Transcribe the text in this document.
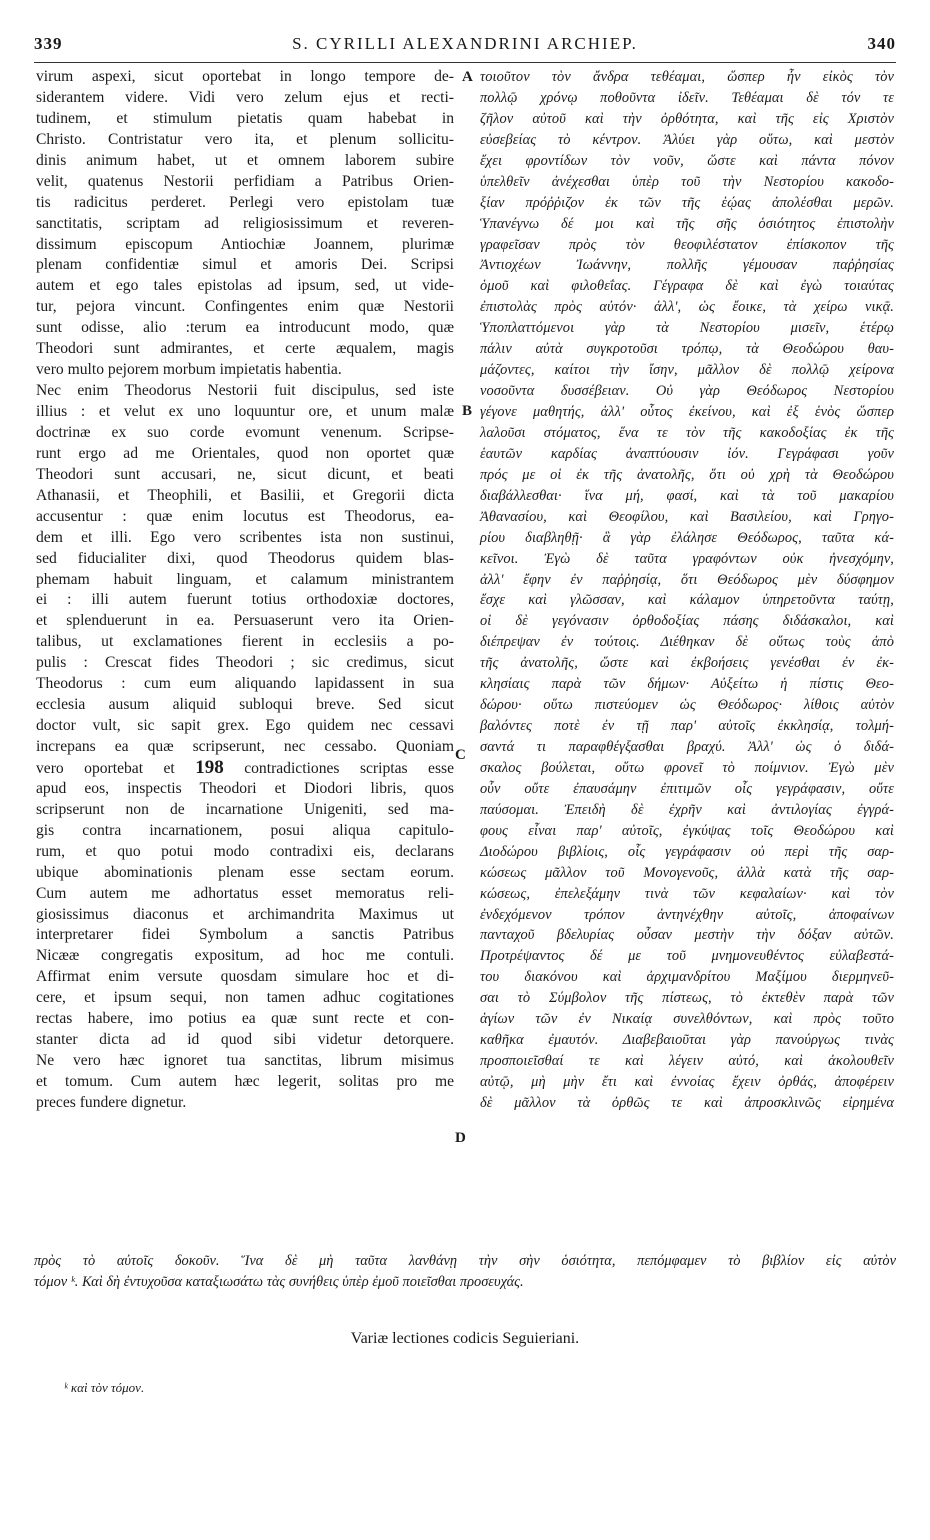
339	S. CYRILLI ALEXANDRINI ARCHIEP.	340
virum aspexi, sicut oportebat in longo tempore de-
siderantem videre. Vidi vero zelum ejus et recti-
tudinem, et stimulum pietatis quam habebat in
Christo. Contristatur vero ita, et plenum sollicitu-
dinis animum habet, ut et omnem laborem subire
velit, quatenus Nestorii perfidiam a Patribus Orien-
tis radicitus perderet. Perlegi vero epistolam tuæ
sanctitatis, scriptam ad religiosissimum et reveren-
dissimum episcopum Antiochiæ Joannem, plurimæ
plenam confidentiæ simul et amoris Dei. Scripsi
autem et ego tales epistolas ad ipsum, sed, ut vide-
tur, pejora vincunt. Confingentes enim quæ Nestorii
sunt odisse, alio :terum ea introducunt modo, quæ
Theodori sunt admirantes, et certe æqualem, magis
vero multo pejorem morbum impietatis habentia.
Nec enim Theodorus Nestorii fuit discipulus, sed iste
illius : et velut ex uno loquuntur ore, et unum malæ
doctrinæ ex suo corde evomunt venenum. Scripse-
runt ergo ad me Orientales, quod non oportet quæ
Theodori sunt accusari, ne, sicut dicunt, et beati
Athanasii, et Theophili, et Basilii, et Gregorii dicta
accusentur : quæ enim locutus est Theodorus, ea-
dem et illi. Ego vero scribentes ista non sustinui,
sed fiducialiter dixi, quod Theodorus quidem blas-
phemam habuit linguam, et calamum ministrantem
ei : illi autem fuerunt totius orthodoxiæ doctores,
et splenduerunt in ea. Persuaserunt vero ita Orien-
talibus, ut exclamationes fierent in ecclesiis a po-
pulis : Crescat fides Theodori ; sic credimus, sicut
Theodorus : cum eum aliquando lapidassent in sua
ecclesia ausum aliquid subloqui breve. Sed sicut
doctor vult, sic sapit grex. Ego quidem nec cessavi
increpans ea quæ scripserunt, nec cessabo. Quoniam
vero oportebat et 198 contradictiones scriptas esse
apud eos, inspectis Theodori et Diodori libris, quos
scripserunt non de incarnatione Unigeniti, sed ma-
gis contra incarnationem, posui aliqua capitulo-
rum, et quo potui modo contradixi eis, declarans
ubique abominationis plenam esse sectam eorum.
Cum autem me adhortatus esset memoratus reli-
giosissimus diaconus et archimandrita Maximus ut
interpretarer fidei Symbolum a sanctis Patribus
Nicææ congregatis expositum, ad hoc me contuli.
Affirmat enim versute quosdam simulare hoc et di-
cere, et ipsum sequi, non tamen adhuc cogitationes
rectas habere, imo potius ea quæ sunt recte et con-
stanter dicta ad id quod sibi videtur detorquere.
Ne vero hæc ignoret tua sanctitas, librum misimus
et tomum. Cum autem hæc legerit, solitas pro me
preces fundere dignetur.
τοιοῦτον τὸν ἄνδρα τεθέαμαι, ὥσπερ ἦν εἰκὸς τὸν
πολλῷ χρόνῳ ποθοῦντα ἰδεῖν. Τεθέαμαι δὲ τόν τε
ζῆλον αὐτοῦ καὶ τὴν ὀρθότητα, καὶ τῆς εἰς Χριστὸν
εὐσεβείας τὸ κέντρον. Ἀλύει γὰρ οὕτω, καὶ μεστὸν
ἔχει φροντίδων τὸν νοῦν, ὥστε καὶ πάντα πόνον
ὑπελθεῖν ἀνέχεσθαι ὑπὲρ τοῦ τὴν Νεστορίου κακοδο-
ξίαν πρόῤῥιζον ἐκ τῶν τῆς ἑῴας ἀπολέσθαι μερῶν.
Ὑπανέγνω δέ μοι καὶ τῆς σῆς ὁσιότητος ἐπιστολὴν
γραφεῖσαν πρὸς τὸν θεοφιλέστατον ἐπίσκοπον τῆς
Ἀντιοχέων Ἰωάννην, πολλῆς γέμουσαν παῤῥησίας
ὁμοῦ καὶ φιλοθεΐας. Γέγραφα δὲ καὶ ἐγὼ τοιαύτας
ἐπιστολὰς πρὸς αὐτόν· ἀλλ', ὡς ἔοικε, τὰ χείρω νικᾷ.
Ὑποπλαττόμενοι γὰρ τὰ Νεστορίου μισεῖν, ἑτέρῳ
πάλιν αὐτὰ συγκροτοῦσι τρόπῳ, τὰ Θεοδώρου θαυ-
μάζοντες, καίτοι τὴν ἴσην, μᾶλλον δὲ πολλῷ χείρονα
νοσοῦντα δυσσέβειαν. Οὐ γὰρ Θεόδωρος Νεστορίου
γέγονε μαθητής, ἀλλ' οὗτος ἐκείνου, καὶ ἐξ ἑνὸς ὥσπερ
λαλοῦσι στόματος, ἕνα τε τὸν τῆς κακοδοξίας ἐκ τῆς
ἑαυτῶν καρδίας ἀναπτύουσιν ἰόν. Γεγράφασι γοῦν
πρός με οἱ ἐκ τῆς ἀνατολῆς, ὅτι οὐ χρὴ τὰ Θεοδώρου
διαβάλλεσθαι· ἵνα μή, φασί, καὶ τὰ τοῦ μακαρίου
Ἀθανασίου, καὶ Θεοφίλου, καὶ Βασιλείου, καὶ Γρηγο-
ρίου διαβληθῇ· ἃ γὰρ ἐλάλησε Θεόδωρος, ταῦτα κά-
κεῖνοι. Ἐγὼ δὲ ταῦτα γραφόντων οὐκ ἠνεσχόμην,
ἀλλ' ἔφην ἐν παῤῥησίᾳ, ὅτι Θεόδωρος μὲν δύσφημον
ἔσχε καὶ γλῶσσαν, καὶ κάλαμον ὑπηρετοῦντα ταύτῃ,
οἱ δὲ γεγόνασιν ὀρθοδοξίας πάσης διδάσκαλοι, καὶ
διέπρεψαν ἐν τούτοις. Διέθηκαν δὲ οὕτως τοὺς ἀπὸ
τῆς ἀνατολῆς, ὥστε καὶ ἐκβοήσεις γενέσθαι ἐν ἐκ-
κλησίαις παρὰ τῶν δήμων· Αὐξείτω ἡ πίστις Θεο-
δώρου· οὕτω πιστεύομεν ὡς Θεόδωρος· λίθοις αὐτὸν
βαλόντες ποτὲ ἐν τῇ παρ' αὐτοῖς ἐκκλησίᾳ, τολμή-
σαντά τι παραφθέγξασθαι βραχύ. Ἀλλ' ὡς ὁ διδά-
σκαλος βούλεται, οὕτω φρονεῖ τὸ ποίμνιον. Ἐγὼ μὲν
οὖν οὔτε ἐπαυσάμην ἐπιτιμῶν οἷς γεγράφασιν, οὔτε
παύσομαι. Ἐπειδὴ δὲ ἐχρῆν καὶ ἀντιλογίας ἐγγρά-
φους εἶναι παρ' αὐτοῖς, ἐγκύψας τοῖς Θεοδώρου καὶ
Διοδώρου βιβλίοις, οἷς γεγράφασιν οὐ περὶ τῆς σαρ-
κώσεως μᾶλλον τοῦ Μονογενοῦς, ἀλλὰ κατὰ τῆς σαρ-
κώσεως, ἐπελεξάμην τινὰ τῶν κεφαλαίων· καὶ τὸν
ἐνδεχόμενον τρόπον ἀντηνέχθην αὐτοῖς, ἀποφαίνων
πανταχοῦ βδελυρίας οὖσαν μεστὴν τὴν δόξαν αὐτῶν.
Προτρέψαντος δέ με τοῦ μνημονευθέντος εὐλαβεστά-
του διακόνου καὶ ἀρχιμανδρίτου Μαξίμου διερμηνεῦ-
σαι τὸ Σύμβολον τῆς πίστεως, τὸ ἐκτεθὲν παρὰ τῶν
ἁγίων τῶν ἐν Νικαίᾳ συνελθόντων, καὶ πρὸς τοῦτο
καθῆκα ἐμαυτόν. Διαβεβαιοῦται γὰρ πανούργως τινὰς
προσποιεῖσθαί τε καὶ λέγειν αὐτό, καὶ ἀκολουθεῖν
αὐτῷ, μὴ μὴν ἔτι καὶ ἐννοίας ἔχειν ὀρθάς, ἀποφέρειν
δὲ μᾶλλον τὰ ὀρθῶς τε καὶ ἀπροσκλινῶς εἰρημένα
A
B
C
D
πρὸς τὸ αὐτοῖς δοκοῦν. Ἵνα δὲ μὴ ταῦτα λανθάνῃ τὴν σὴν ὁσιότητα, πεπόμφαμεν τὸ βιβλίον εἰς αὐτὸν
τόμον ᵏ. Καὶ δὴ ἐντυχοῦσα καταξιωσάτω τὰς συνήθεις ὑπὲρ ἐμοῦ ποιεῖσθαι προσευχάς.
Variæ lectiones codicis Seguieriani.
ᵏ καὶ τὸν τόμον.
